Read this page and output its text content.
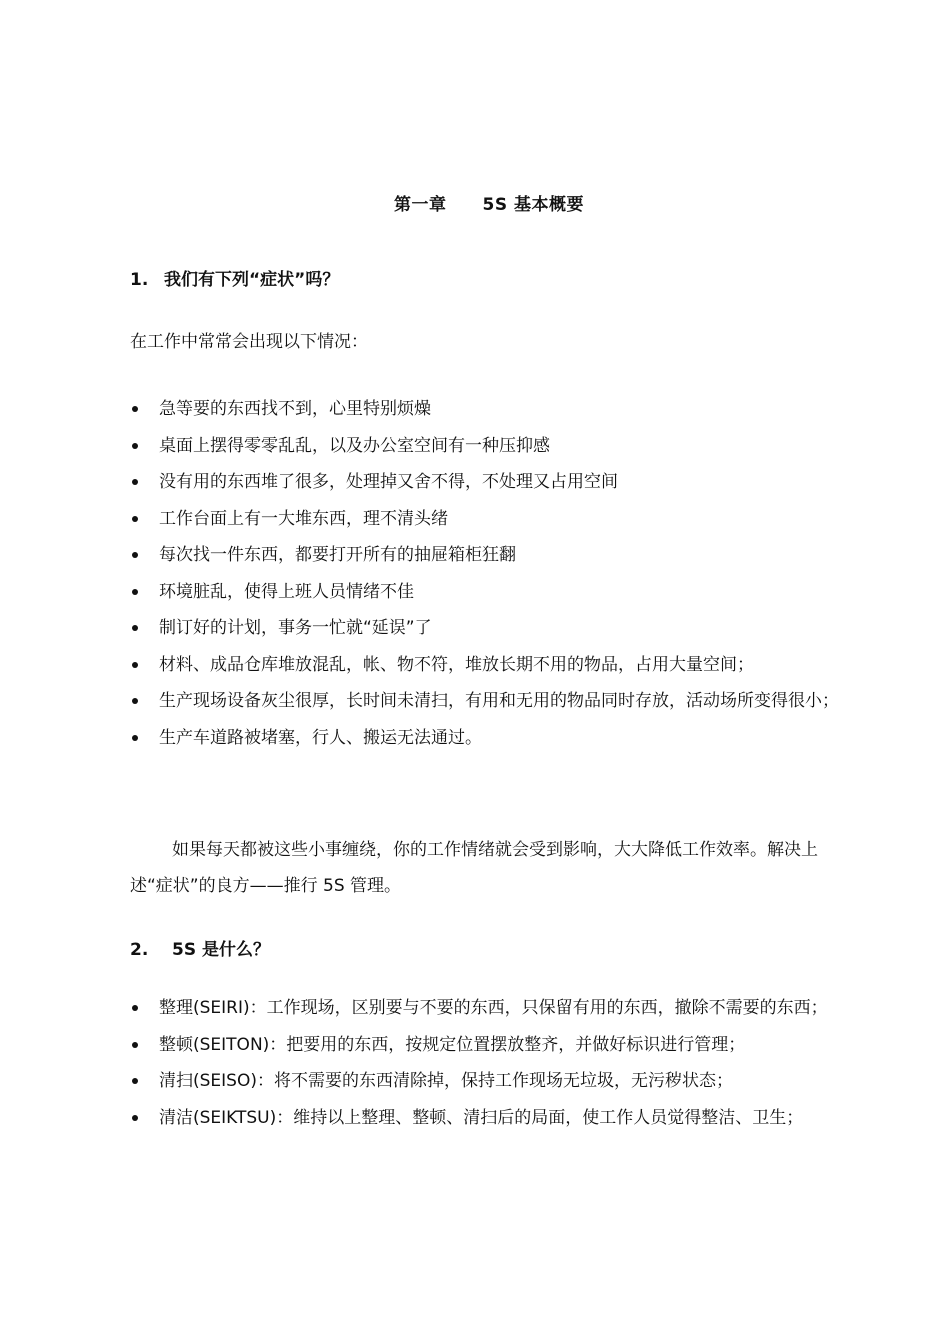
第一章 5S 基本概要
1. 我们有下列“症状”吗？
在工作中常常会出现以下情况：
急等要的东西找不到，心里特别烦燥
桌面上摆得零零乱乱，以及办公室空间有一种压抑感
没有用的东西堆了很多，处理掉又舍不得，不处理又占用空间
工作台面上有一大堆东西，理不清头绪
每次找一件东西，都要打开所有的抽屉箱柜狂翻
环境脏乱，使得上班人员情绪不佳
制订好的计划，事务一忙就“延误”了
材料、成品仓库堆放混乱，帐、物不符，堆放长期不用的物品，占用大量空间；
生产现场设备灰尘很厚，长时间未清扫，有用和无用的物品同时存放，活动场所变得很小；
生产车道路被堵塞，行人、搬运无法通过。
如果每天都被这些小事缠绕，你的工作情绪就会受到影响，大大降低工作效率。解决上述“症状”的良方——推行 5S 管理。
2. 5S 是什么？
整理(SEIRI)：工作现场，区别要与不要的东西，只保留有用的东西，撤除不需要的东西；
整顿(SEITON)：把要用的东西，按规定位置摆放整齐，并做好标识进行管理；
清扫(SEISO)：将不需要的东西清除掉，保持工作现场无垃圾，无污秽状态；
清洁(SEIKTSU)：维持以上整理、整顿、清扫后的局面，使工作人员觉得整洁、卫生；
